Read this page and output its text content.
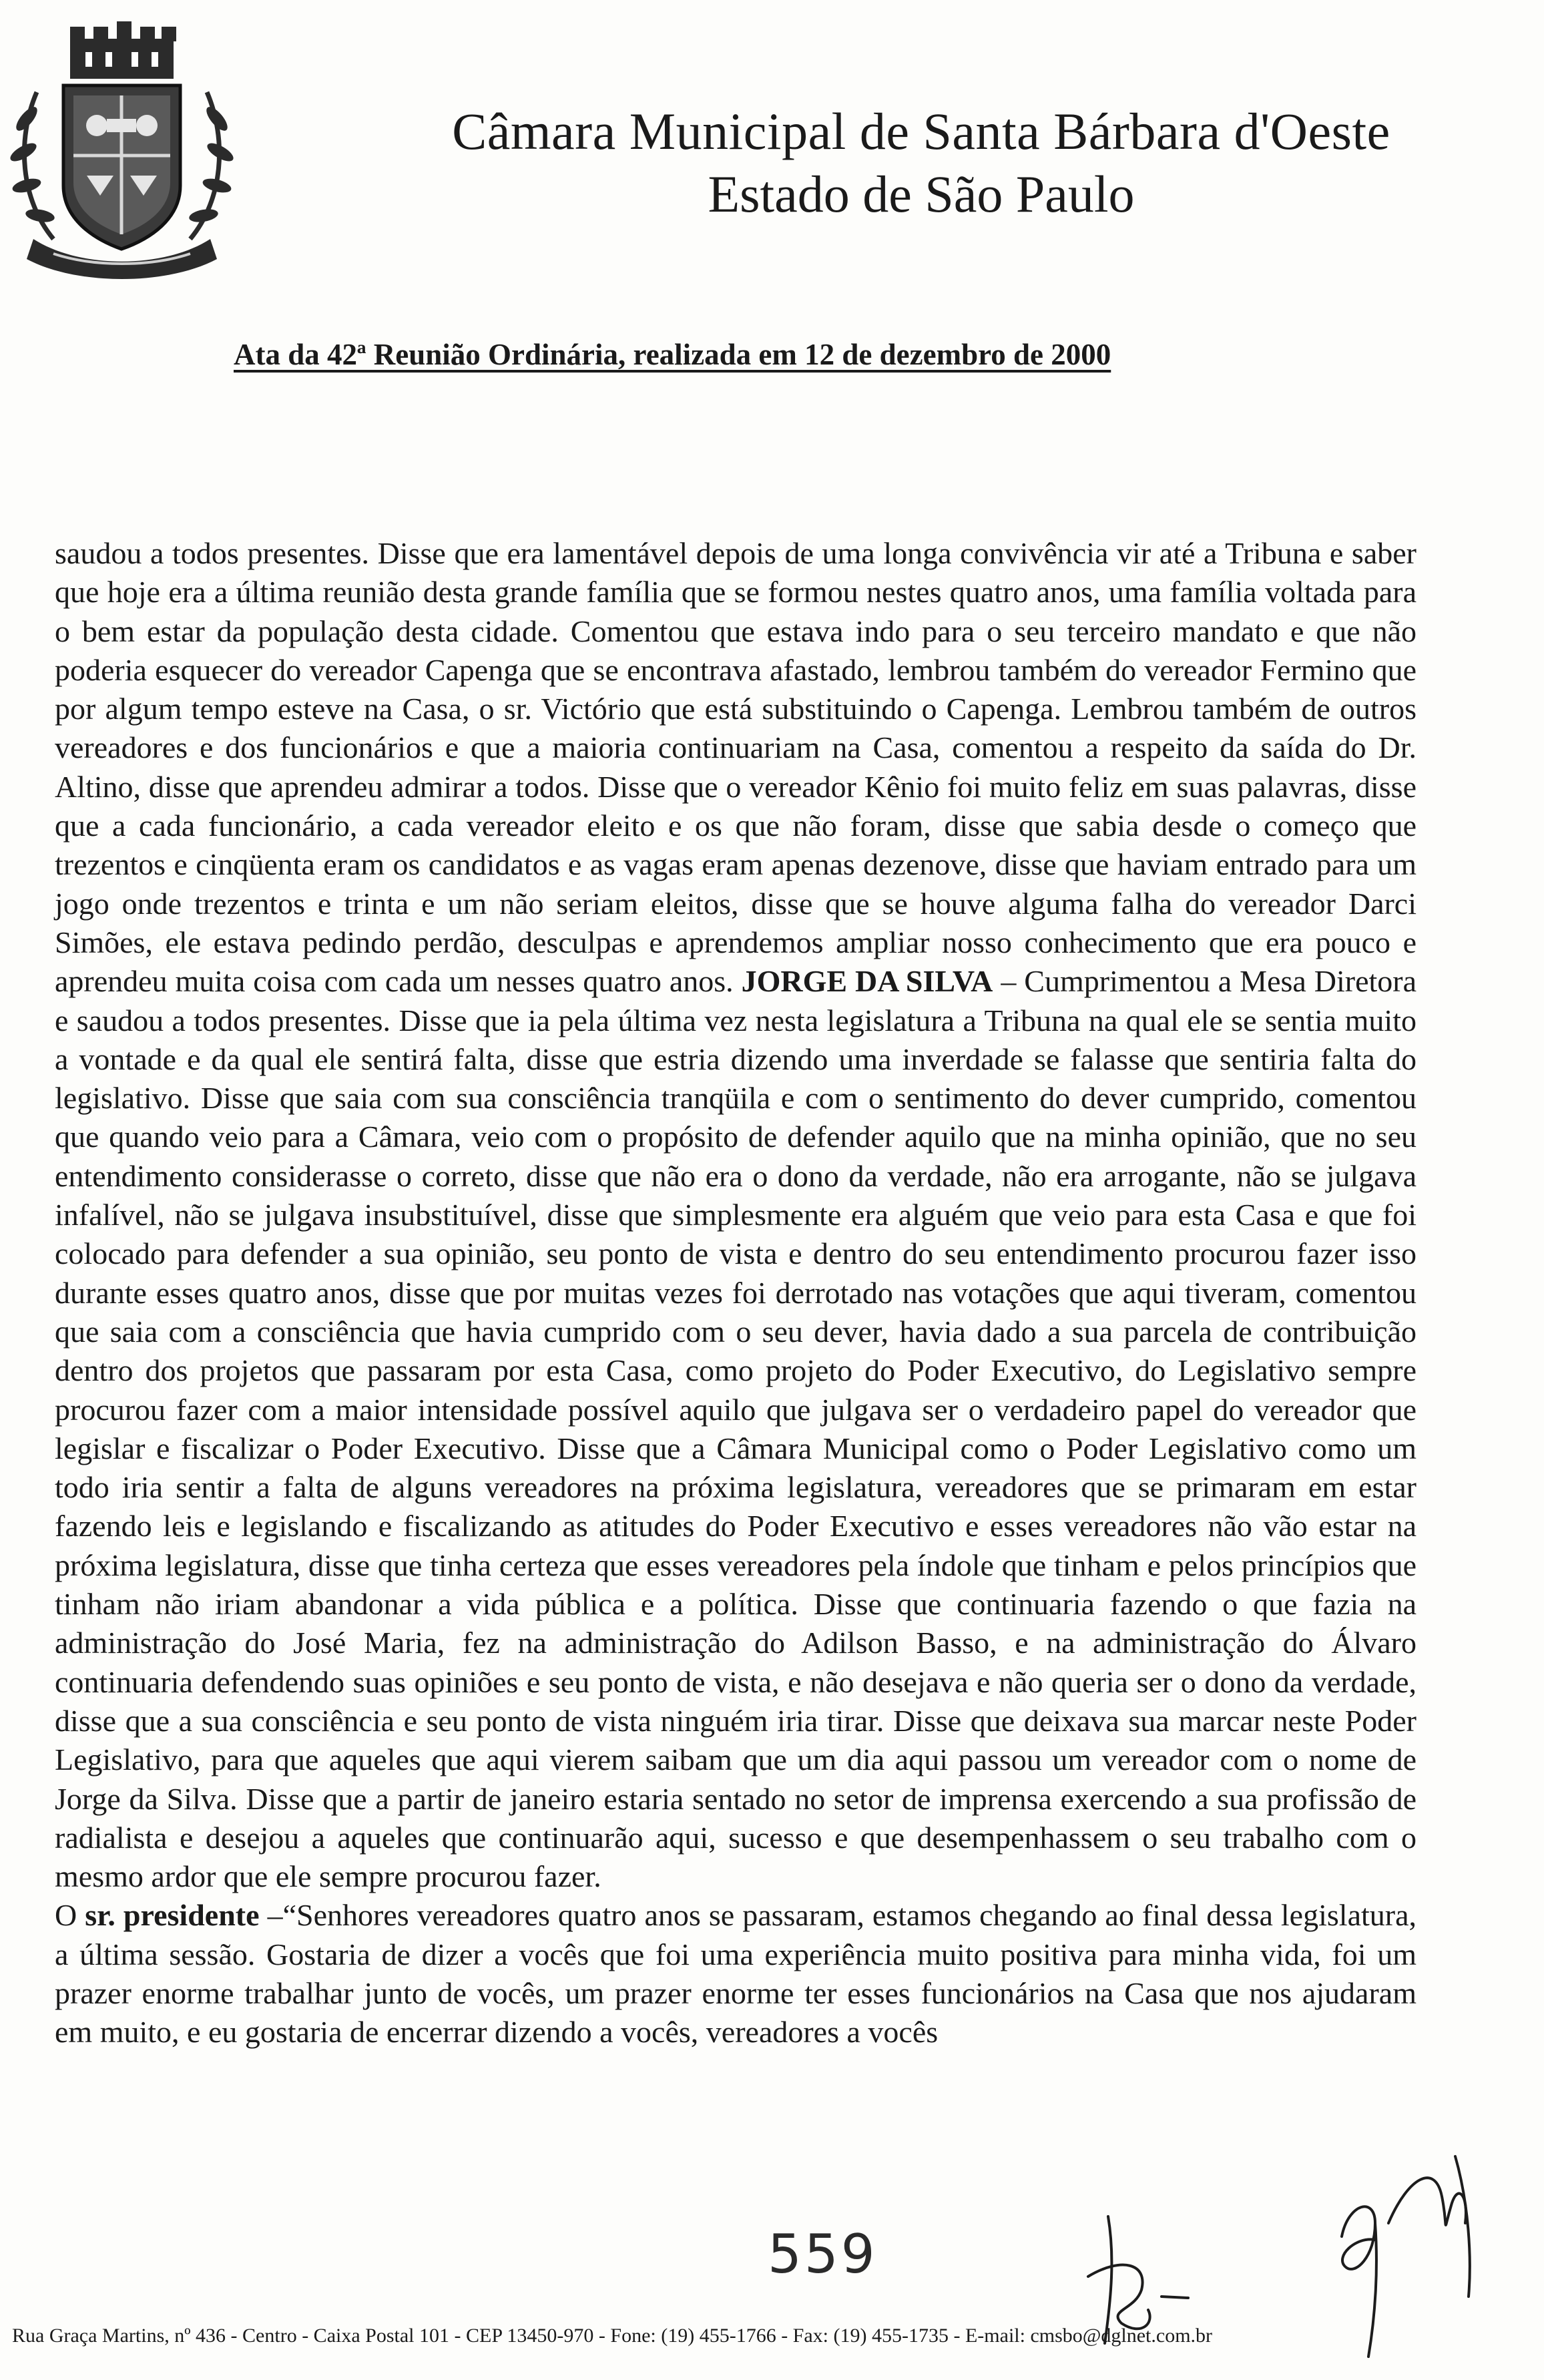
Câmara Municipal de Santa Bárbara d'Oeste
Estado de São Paulo
Ata da 42ª Reunião Ordinária, realizada em 12 de dezembro de 2000

saudou a todos presentes. Disse que era lamentável depois de uma longa convivência vir até a Tribuna e saber que hoje era a última reunião desta grande família que se formou nestes quatro anos, uma família voltada para o bem estar da população desta cidade. Comentou que estava indo para o seu terceiro mandato e que não poderia esquecer do vereador Capenga que se encontrava afastado, lembrou também do vereador Fermino que por algum tempo esteve na Casa, o sr. Victório que está substituindo o Capenga. Lembrou também de outros vereadores e dos funcionários e que a maioria continuariam na Casa, comentou a respeito da saída do Dr. Altino, disse que aprendeu admirar a todos. Disse que o vereador Kênio foi muito feliz em suas palavras, disse que a cada funcionário, a cada vereador eleito e os que não foram, disse que sabia desde o começo que trezentos e cinqüenta eram os candidatos e as vagas eram apenas dezenove, disse que haviam entrado para um jogo onde trezentos e trinta e um não seriam eleitos, disse que se houve alguma falha do vereador Darci Simões, ele estava pedindo perdão, desculpas e aprendemos ampliar nosso conhecimento que era pouco e aprendeu muita coisa com cada um nesses quatro anos. JORGE DA SILVA – Cumprimentou a Mesa Diretora e saudou a todos presentes. Disse que ia pela última vez nesta legislatura a Tribuna na qual ele se sentia muito a vontade e da qual ele sentirá falta, disse que estria dizendo uma inverdade se falasse que sentiria falta do legislativo. Disse que saia com sua consciência tranqüila e com o sentimento do dever cumprido, comentou que quando veio para a Câmara, veio com o propósito de defender aquilo que na minha opinião, que no seu entendimento considerasse o correto, disse que não era o dono da verdade, não era arrogante, não se julgava infalível, não se julgava insubstituível, disse que simplesmente era alguém que veio para esta Casa e que foi colocado para defender a sua opinião, seu ponto de vista e dentro do seu entendimento procurou fazer isso durante esses quatro anos, disse que por muitas vezes foi derrotado nas votações que aqui tiveram, comentou que saia com a consciência que havia cumprido com o seu dever, havia dado a sua parcela de contribuição dentro dos projetos que passaram por esta Casa, como projeto do Poder Executivo, do Legislativo sempre procurou fazer com a maior intensidade possível aquilo que julgava ser o verdadeiro papel do vereador que legislar e fiscalizar o Poder Executivo. Disse que a Câmara Municipal como o Poder Legislativo como um todo iria sentir a falta de alguns vereadores na próxima legislatura, vereadores que se primaram em estar fazendo leis e legislando e fiscalizando as atitudes do Poder Executivo e esses vereadores não vão estar na próxima legislatura, disse que tinha certeza que esses vereadores pela índole que tinham e pelos princípios que tinham não iriam abandonar a vida pública e a política. Disse que continuaria fazendo o que fazia na administração do José Maria, fez na administração do Adilson Basso, e na administração do Álvaro continuaria defendendo suas opiniões e seu ponto de vista, e não desejava e não queria ser o dono da verdade, disse que a sua consciência e seu ponto de vista ninguém iria tirar. Disse que deixava sua marcar neste Poder Legislativo, para que aqueles que aqui vierem saibam que um dia aqui passou um vereador com o nome de Jorge da Silva. Disse que a partir de janeiro estaria sentado no setor de imprensa exercendo a sua profissão de radialista e desejou a aqueles que continuarão aqui, sucesso e que desempenhassem o seu trabalho com o mesmo ardor que ele sempre procurou fazer.

O sr. presidente –“Senhores vereadores quatro anos se passaram, estamos chegando ao final dessa legislatura, a última sessão. Gostaria de dizer a vocês que foi uma experiência muito positiva para minha vida, foi um prazer enorme trabalhar junto de vocês, um prazer enorme ter esses funcionários na Casa que nos ajudaram em muito, e eu gostaria de encerrar dizendo a vocês, vereadores a vocês

559
Rua Graça Martins, nº 436 - Centro - Caixa Postal 101 - CEP 13450-970 - Fone: (19) 455-1766 - Fax: (19) 455-1735 - E-mail: cmsbo@dglnet.com.br
